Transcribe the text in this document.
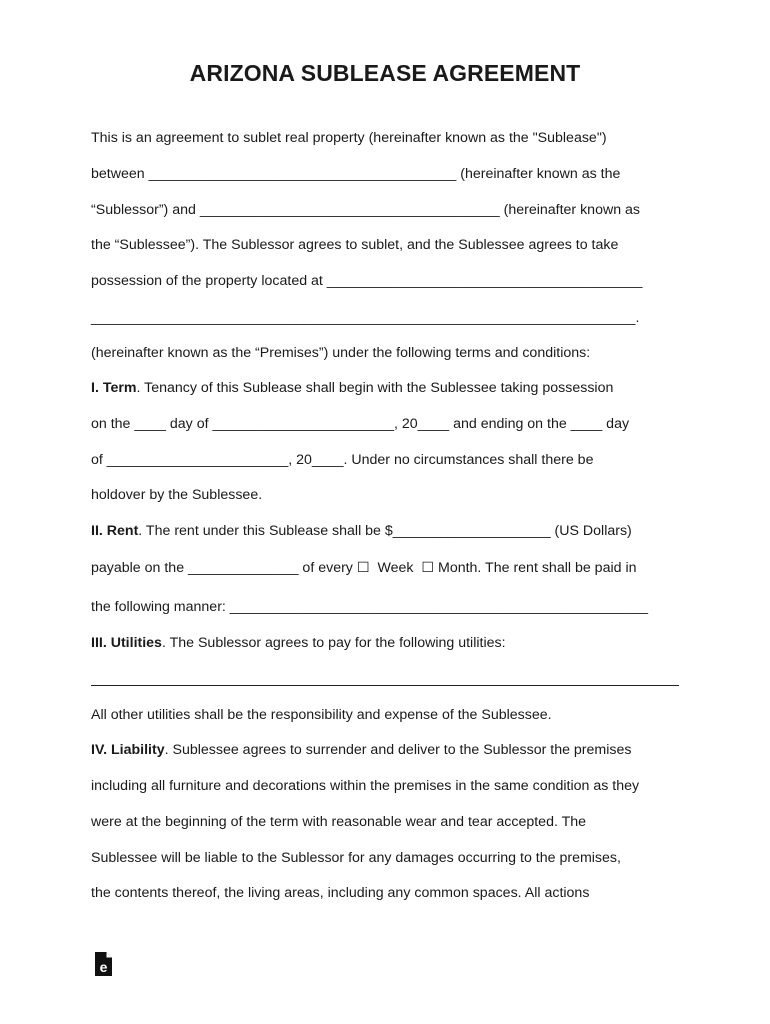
ARIZONA SUBLEASE AGREEMENT
This is an agreement to sublet real property (hereinafter known as the "Sublease")
between _______________________________________ (hereinafter known as the
“Sublessor”) and ______________________________________ (hereinafter known as
the “Sublessee”). The Sublessor agrees to sublet, and the Sublessee agrees to take
possession of the property located at ________________________________________
_____________________________________________________________________.
(hereinafter known as the “Premises”) under the following terms and conditions:
I. Term. Tenancy of this Sublease shall begin with the Sublessee taking possession
on the ____ day of _______________________, 20____ and ending on the ____ day
of _______________________, 20____. Under no circumstances shall there be
holdover by the Sublessee.
II. Rent. The rent under this Sublease shall be $____________________ (US Dollars)
payable on the ______________ of every ☐  Week  ☐ Month. The rent shall be paid in
the following manner: _____________________________________________________
III. Utilities. The Sublessor agrees to pay for the following utilities:
All other utilities shall be the responsibility and expense of the Sublessee.
IV. Liability. Sublessee agrees to surrender and deliver to the Sublessor the premises
including all furniture and decorations within the premises in the same condition as they
were at the beginning of the term with reasonable wear and tear accepted. The
Sublessee will be liable to the Sublessor for any damages occurring to the premises,
the contents thereof, the living areas, including any common spaces. All actions
e
